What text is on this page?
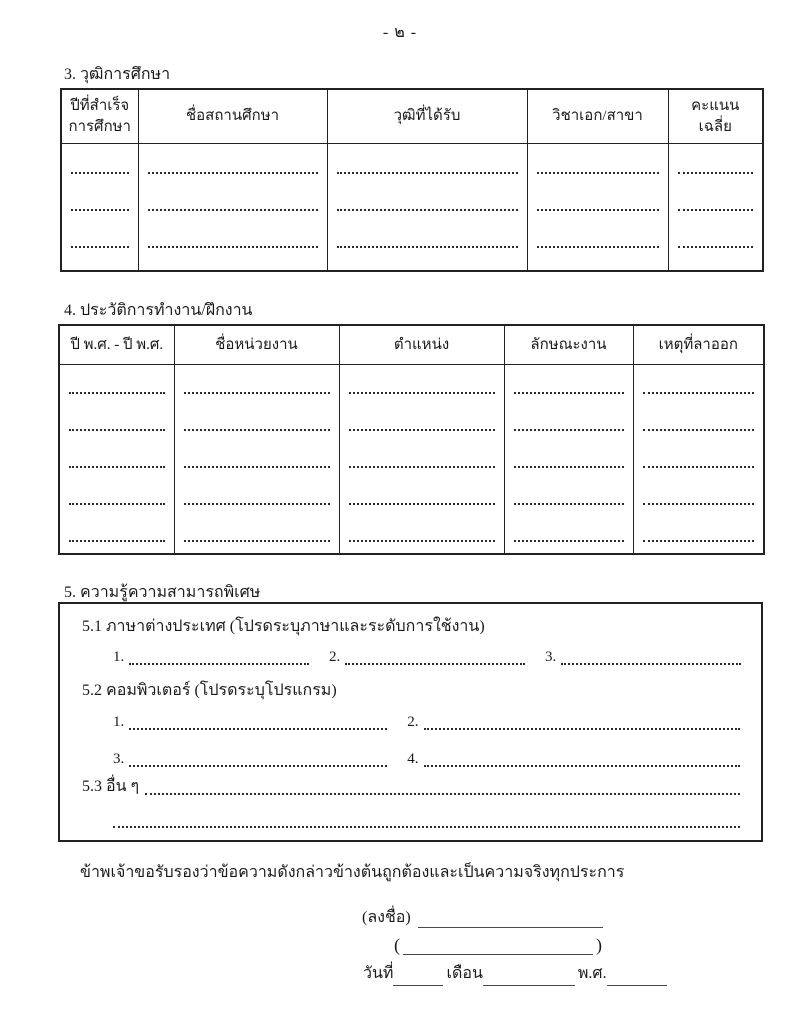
- ๒ -
3. วุฒิการศึกษา
ปีที่สำเร็จ
การศึกษา	ชื่อสถานศึกษา	วุฒิที่ได้รับ	วิชาเอก/สาขา	คะแนน
เฉลี่ย

4. ประวัติการทำงาน/ฝึกงาน
ปี พ.ศ. - ปี พ.ศ.	ชื่อหน่วยงาน	ตำแหน่ง	ลักษณะงาน	เหตุที่ลาออก

5. ความรู้ความสามารถพิเศษ
5.1 ภาษาต่างประเทศ (โปรดระบุภาษาและระดับการใช้งาน)
1.	2.	3.
5.2 คอมพิวเตอร์ (โปรดระบุโปรแกรม)
1.	2.
3.	4.
5.3 อื่น ๆ
ข้าพเจ้าขอรับรองว่าข้อความดังกล่าวข้างต้นถูกต้องและเป็นความจริงทุกประการ
(ลงชื่อ)
(	)
วันที่	เดือน	พ.ศ.
